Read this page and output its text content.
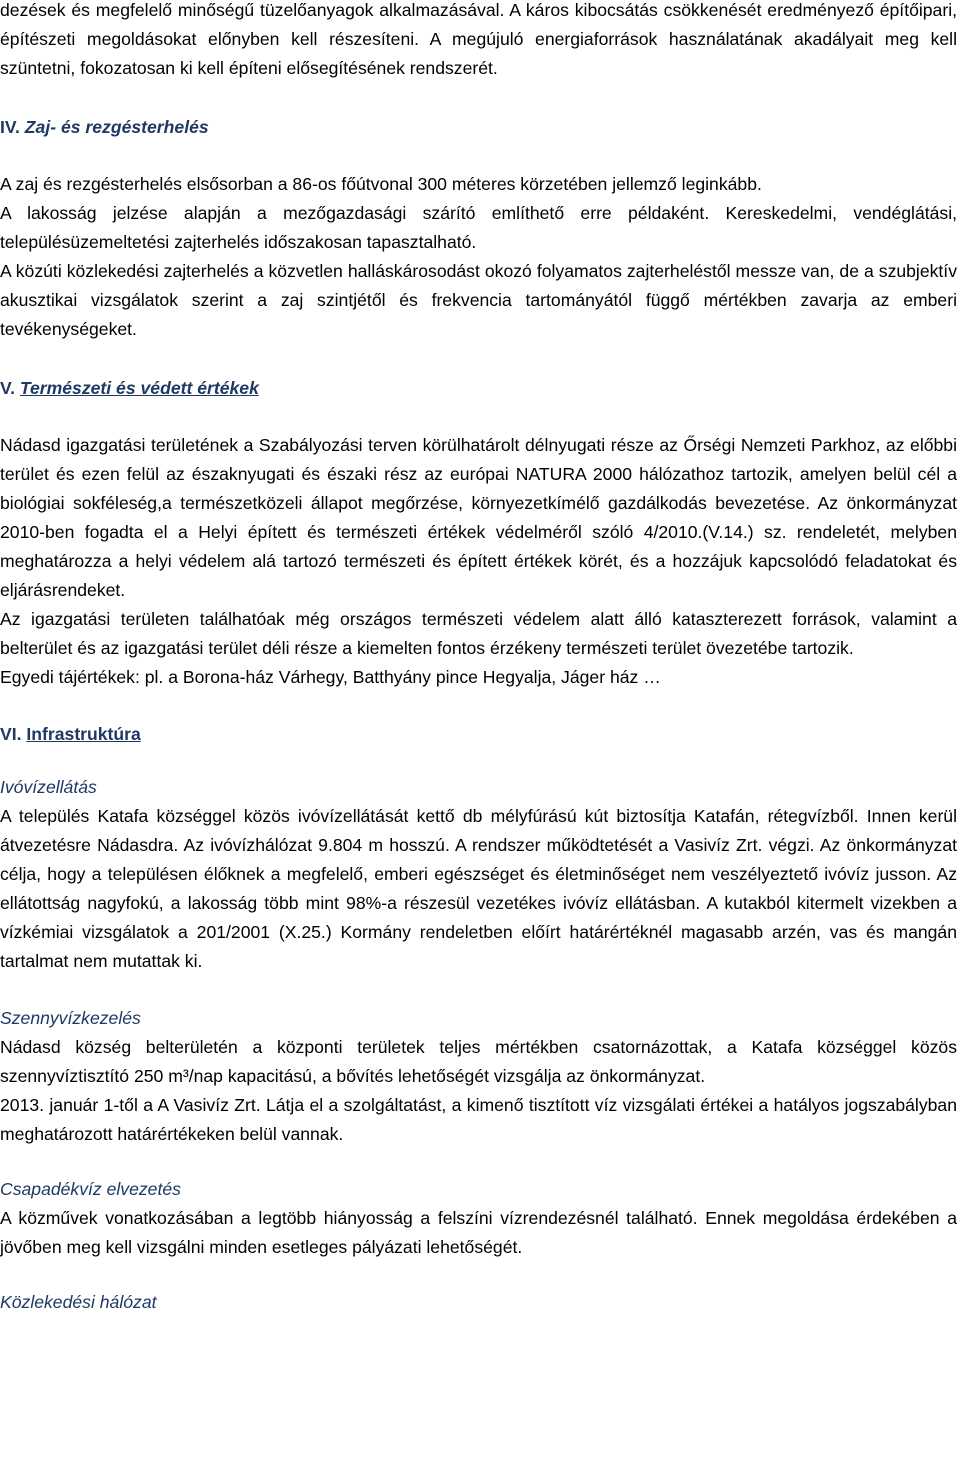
dezések és megfelelő minőségű tüzelőanyagok alkalmazásával. A káros kibocsátás csökkenését eredményező építőipari, építészeti megoldásokat előnyben kell részesíteni. A megújuló energiaforrások használatának akadályait meg kell szüntetni, fokozatosan ki kell építeni elősegítésének rendszerét.

IV. Zaj- és rezgésterhelés

A zaj és rezgésterhelés elsősorban a 86-os főútvonal 300 méteres körzetében jellemző leginkább.

A lakosság jelzése alapján a mezőgazdasági szárító említhető erre példaként. Kereskedelmi, vendéglátási, településüzemeltetési zajterhelés időszakosan tapasztalható.

A közúti közlekedési zajterhelés a közvetlen halláskárosodást okozó folyamatos zajterheléstől messze van, de a szubjektív akusztikai vizsgálatok szerint a zaj szintjétől és frekvencia tartományától függő mértékben zavarja az emberi tevékenységeket.

V. Természeti és védett értékek

Nádasd igazgatási területének a Szabályozási terven körülhatárolt délnyugati része az Őrségi Nemzeti Parkhoz, az előbbi terület és ezen felül az északnyugati és északi rész az európai NATURA 2000 hálózathoz tartozik, amelyen belül cél a biológiai sokféleség,a természetközeli állapot megőrzése, környezetkímélő gazdálkodás bevezetése. Az önkormányzat 2010-ben fogadta el a Helyi épített és természeti értékek védelméről szóló 4/2010.(V.14.) sz. rendeletét, melyben meghatározza a helyi védelem alá tartozó természeti és épített értékek körét, és a hozzájuk kapcsolódó feladatokat és eljárásrendeket.

Az igazgatási területen találhatóak még országos természeti védelem alatt álló kataszterezett források, valamint a belterület és az igazgatási terület déli része a kiemelten fontos érzékeny természeti terület övezetébe tartozik.

Egyedi tájértékek: pl. a Borona-ház Várhegy, Batthyány pince Hegyalja, Jáger ház …

VI. Infrastruktúra

Ivóvízellátás

A település Katafa községgel közös ivóvízellátását kettő db mélyfúrású kút biztosítja Katafán, rétegvízből. Innen kerül átvezetésre Nádasdra. Az ivóvízhálózat 9.804 m hosszú. A rendszer működtetését a Vasivíz Zrt. végzi. Az önkormányzat célja, hogy a településen élőknek a megfelelő, emberi egészséget és életminőséget nem veszélyeztető ivóvíz jusson. Az ellátottság nagyfokú, a lakosság több mint 98%-a részesül vezetékes ivóvíz ellátásban. A kutakból kitermelt vizekben a vízkémiai vizsgálatok a 201/2001 (X.25.) Kormány rendeletben előírt határértéknél magasabb arzén, vas és mangán tartalmat nem mutattak ki.

Szennyvízkezelés

Nádasd község belterületén a központi területek teljes mértékben csatornázottak, a Katafa községgel közös szennyvíztisztító 250 m³/nap kapacitású, a bővítés lehetőségét vizsgálja az önkormányzat.

2013. január 1-től a A Vasivíz Zrt. Látja el a szolgáltatást, a kimenő tisztított víz vizsgálati értékei a hatályos jogszabályban meghatározott határértékeken belül vannak.

Csapadékvíz elvezetés

A közművek vonatkozásában a legtöbb hiányosság a felszíni vízrendezésnél található. Ennek megoldása érdekében a jövőben meg kell vizsgálni minden esetleges pályázati lehetőségét.

Közlekedési hálózat
